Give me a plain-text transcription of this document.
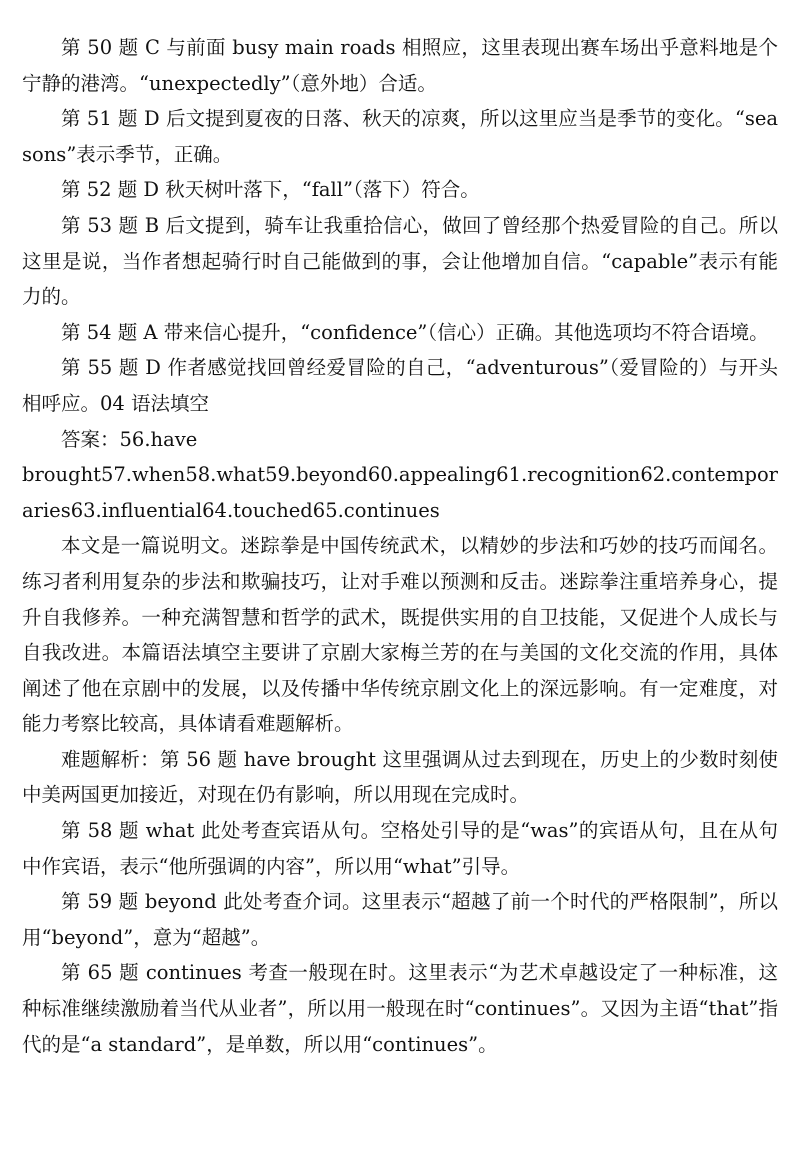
第 50 题 C 与前面 busy main roads 相照应，这里表现出赛车场出乎意料地是个宁静的港湾。“unexpectedly”（意外地）合适。

第 51 题 D 后文提到夏夜的日落、秋天的凉爽，所以这里应当是季节的变化。“seasons”表示季节，正确。

第 52 题 D 秋天树叶落下，“fall”（落下）符合。

第 53 题 B 后文提到，骑车让我重拾信心，做回了曾经那个热爱冒险的自己。所以这里是说，当作者想起骑行时自己能做到的事，会让他增加自信。“capable”表示有能力的。

第 54 题 A 带来信心提升，“confidence”（信心）正确。其他选项均不符合语境。

第 55 题 D 作者感觉找回曾经爱冒险的自己，“adventurous”（爱冒险的）与开头相呼应。04 语法填空

答案：56.have

brought57.when58.what59.beyond60.appealing61.recognition62.contemporaries63.influential64.touched65.continues

本文是一篇说明文。迷踪拳是中国传统武术，以精妙的步法和巧妙的技巧而闻名。练习者利用复杂的步法和欺骗技巧，让对手难以预测和反击。迷踪拳注重培养身心，提升自我修养。一种充满智慧和哲学的武术，既提供实用的自卫技能，又促进个人成长与自我改进。本篇语法填空主要讲了京剧大家梅兰芳的在与美国的文化交流的作用，具体阐述了他在京剧中的发展，以及传播中华传统京剧文化上的深远影响。有一定难度，对能力考察比较高，具体请看难题解析。

难题解析：第 56 题 have brought 这里强调从过去到现在，历史上的少数时刻使中美两国更加接近，对现在仍有影响，所以用现在完成时。

第 58 题 what 此处考查宾语从句。空格处引导的是“was”的宾语从句，且在从句中作宾语，表示“他所强调的内容”，所以用“what”引导。

第 59 题 beyond 此处考查介词。这里表示“超越了前一个时代的严格限制”，所以用“beyond”，意为“超越”。

第 65 题 continues 考查一般现在时。这里表示“为艺术卓越设定了一种标准，这种标准继续激励着当代从业者”，所以用一般现在时“continues”。又因为主语“that”指代的是“a standard”，是单数，所以用“continues”。
